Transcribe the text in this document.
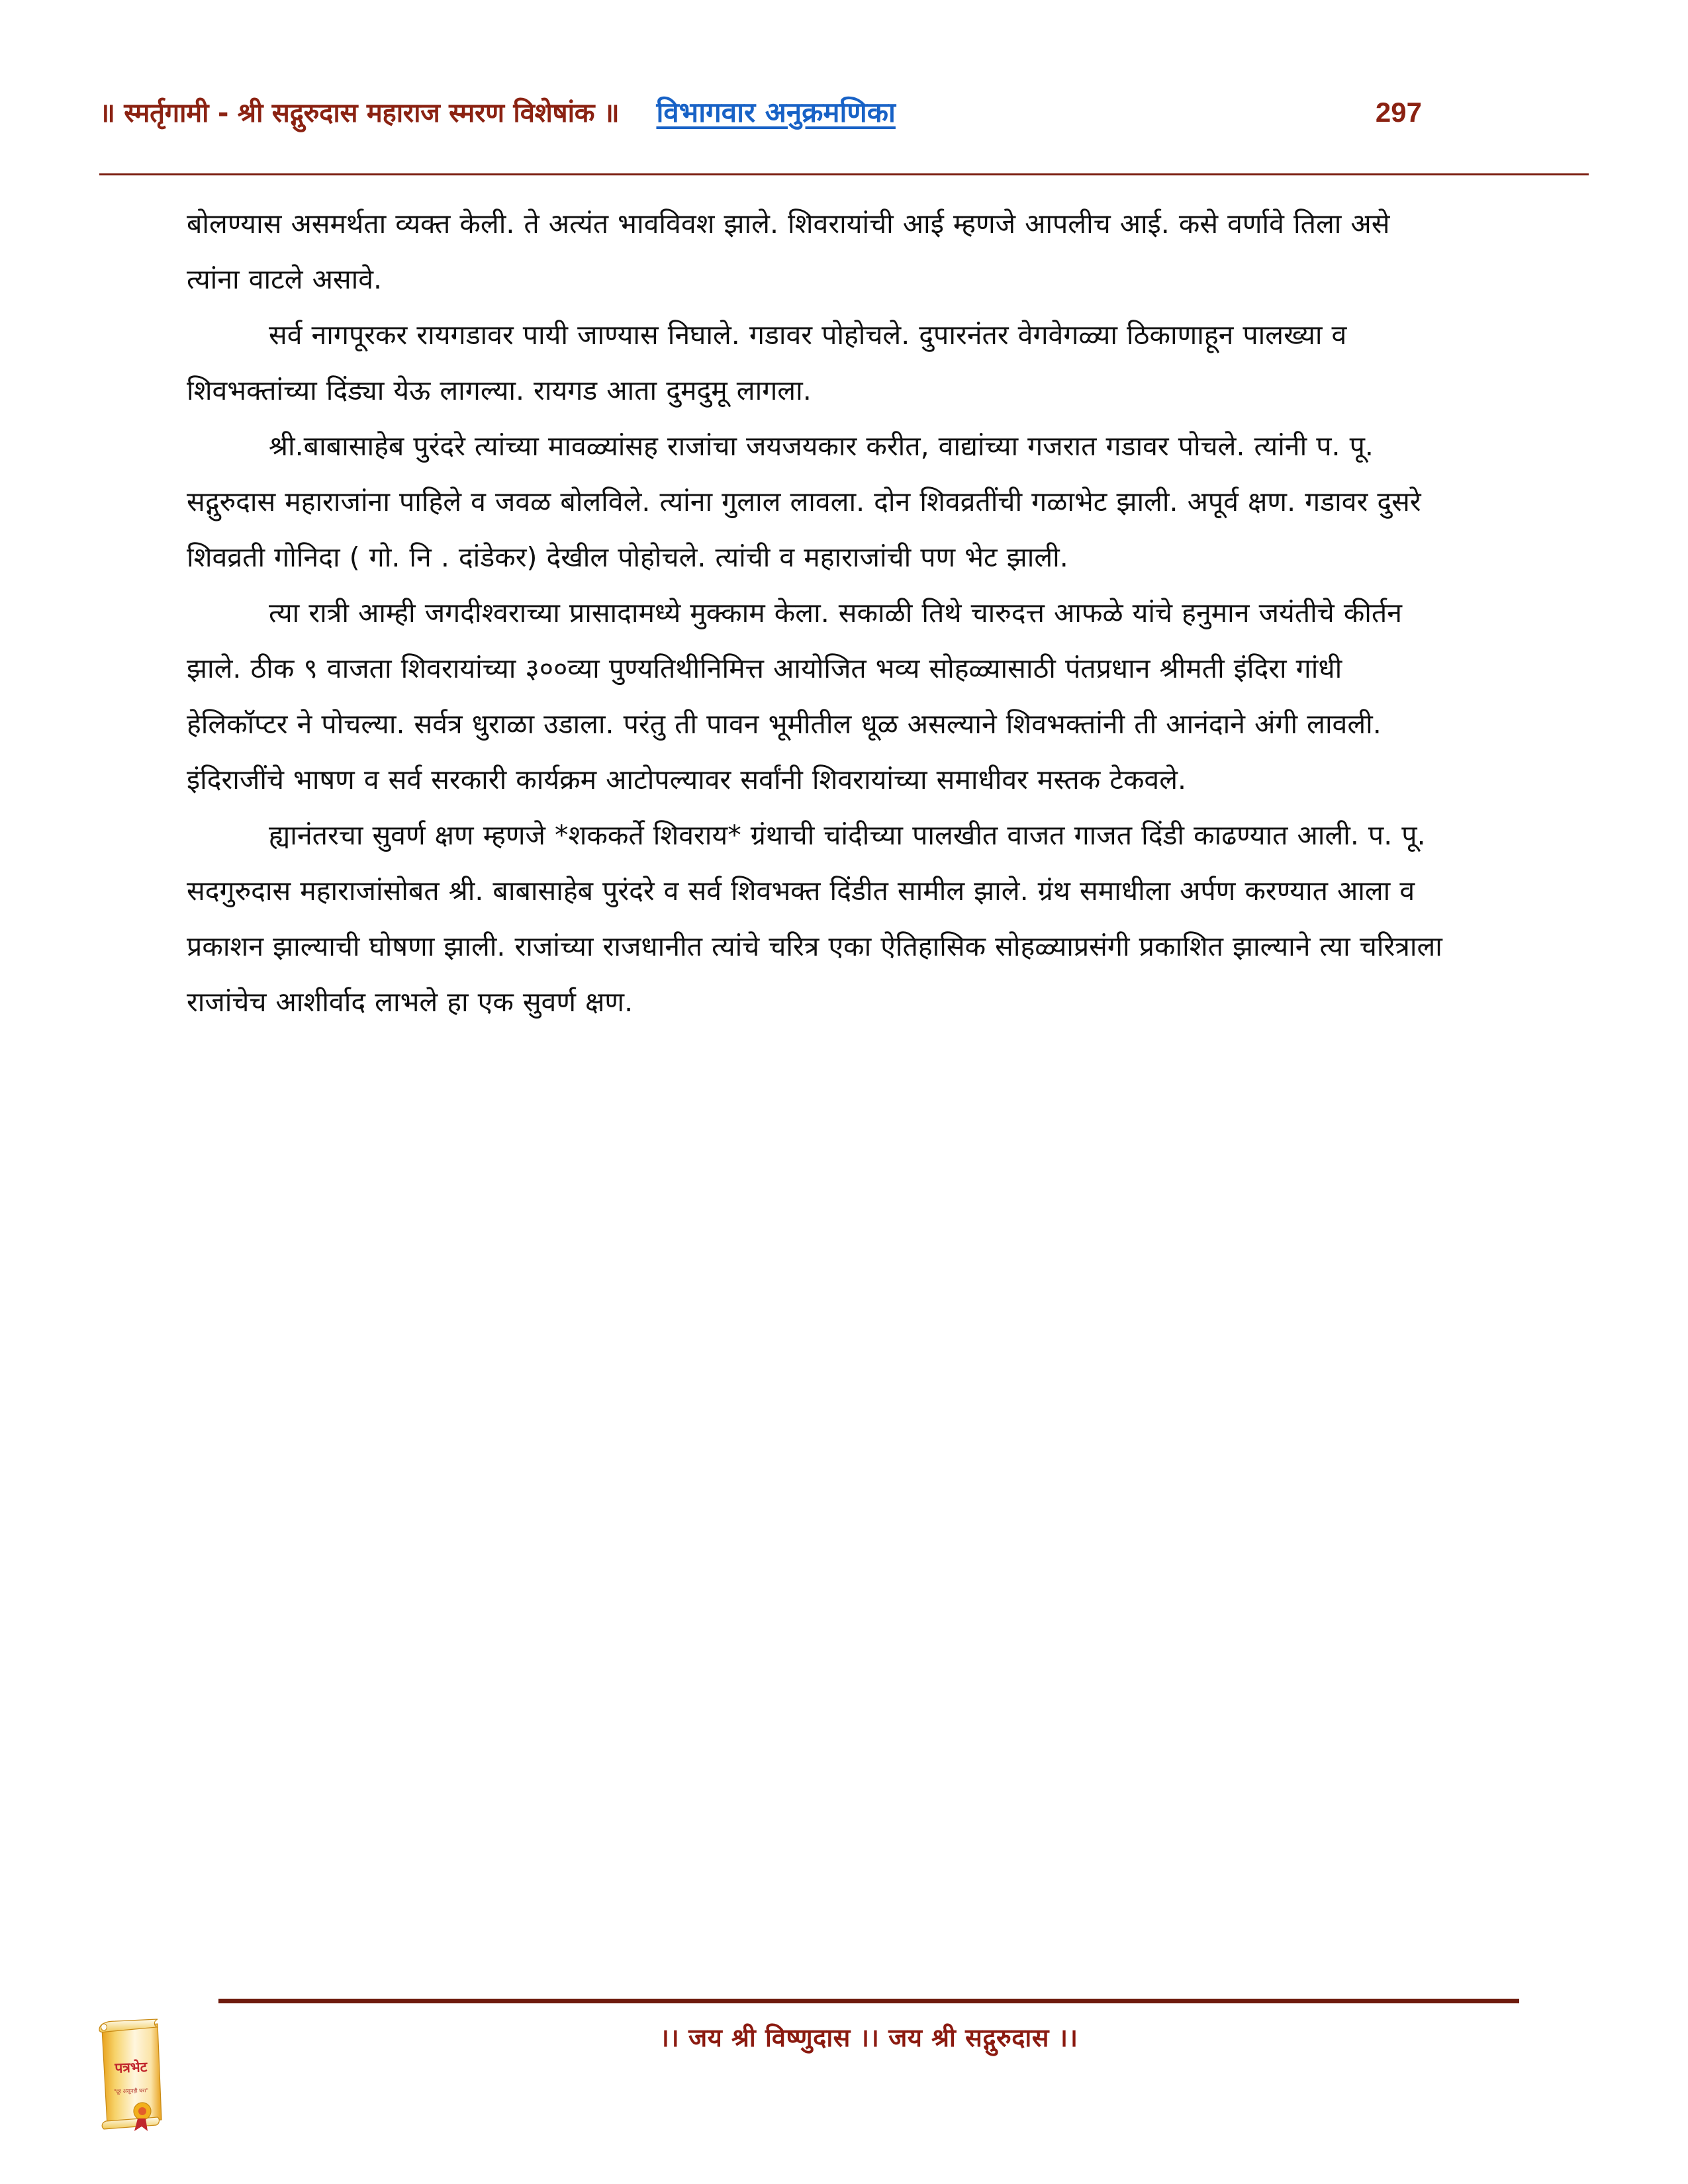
॥ स्मर्तृगामी - श्री सद्गुरुदास महाराज स्मरण विशेषांक ॥ विभागवार अनुक्रमणिका	297

बोलण्यास असमर्थता व्यक्त केली. ते अत्यंत भावविवश झाले. शिवरायांची आई म्हणजे आपलीच आई. कसे वर्णावे तिला असे त्यांना वाटले असावे.

सर्व नागपूरकर रायगडावर पायी जाण्यास निघाले. गडावर पोहोचले. दुपारनंतर वेगवेगळ्या ठिकाणाहून पालख्या व शिवभक्तांच्या दिंड्या येऊ लागल्या. रायगड आता दुमदुमू लागला.

श्री.बाबासाहेब पुरंदरे त्यांच्या मावळ्यांसह राजांचा जयजयकार करीत, वाद्यांच्या गजरात गडावर पोचले. त्यांनी प. पू. सद्गुरुदास महाराजांना पाहिले व जवळ बोलविले. त्यांना गुलाल लावला. दोन शिवव्रतींची गळाभेट झाली. अपूर्व क्षण. गडावर दुसरे शिवव्रती गोनिदा ( गो. नि . दांडेकर) देखील पोहोचले. त्यांची व महाराजांची पण भेट झाली.

त्या रात्री आम्ही जगदीश्वराच्या प्रासादामध्ये मुक्काम केला. सकाळी तिथे चारुदत्त आफळे यांचे हनुमान जयंतीचे कीर्तन झाले. ठीक ९ वाजता शिवरायांच्या ३००व्या पुण्यतिथीनिमित्त आयोजित भव्य सोहळ्यासाठी पंतप्रधान श्रीमती इंदिरा गांधी हेलिकॉप्टर ने पोचल्या. सर्वत्र धुराळा उडाला. परंतु ती पावन भूमीतील धूळ असल्याने शिवभक्तांनी ती आनंदाने अंगी लावली. इंदिराजींचे भाषण व सर्व सरकारी कार्यक्रम आटोपल्यावर सर्वांनी शिवरायांच्या समाधीवर मस्तक टेकवले.

ह्यानंतरचा सुवर्ण क्षण म्हणजे *शककर्ते शिवराय* ग्रंथाची चांदीच्या पालखीत वाजत गाजत दिंडी काढण्यात आली. प. पू. सदगुरुदास महाराजांसोबत श्री. बाबासाहेब पुरंदरे व सर्व शिवभक्त दिंडीत सामील झाले. ग्रंथ समाधीला अर्पण करण्यात आला व प्रकाशन झाल्याची घोषणा झाली. राजांच्या राजधानीत त्यांचे चरित्र एका ऐतिहासिक सोहळ्याप्रसंगी प्रकाशित झाल्याने त्या चरित्राला राजांचेच आशीर्वाद लाभले हा एक सुवर्ण क्षण.

।। जय श्री विष्णुदास ।। जय श्री सद्गुरुदास ।।
पत्रभेट
"दूर असूनही घरा"
